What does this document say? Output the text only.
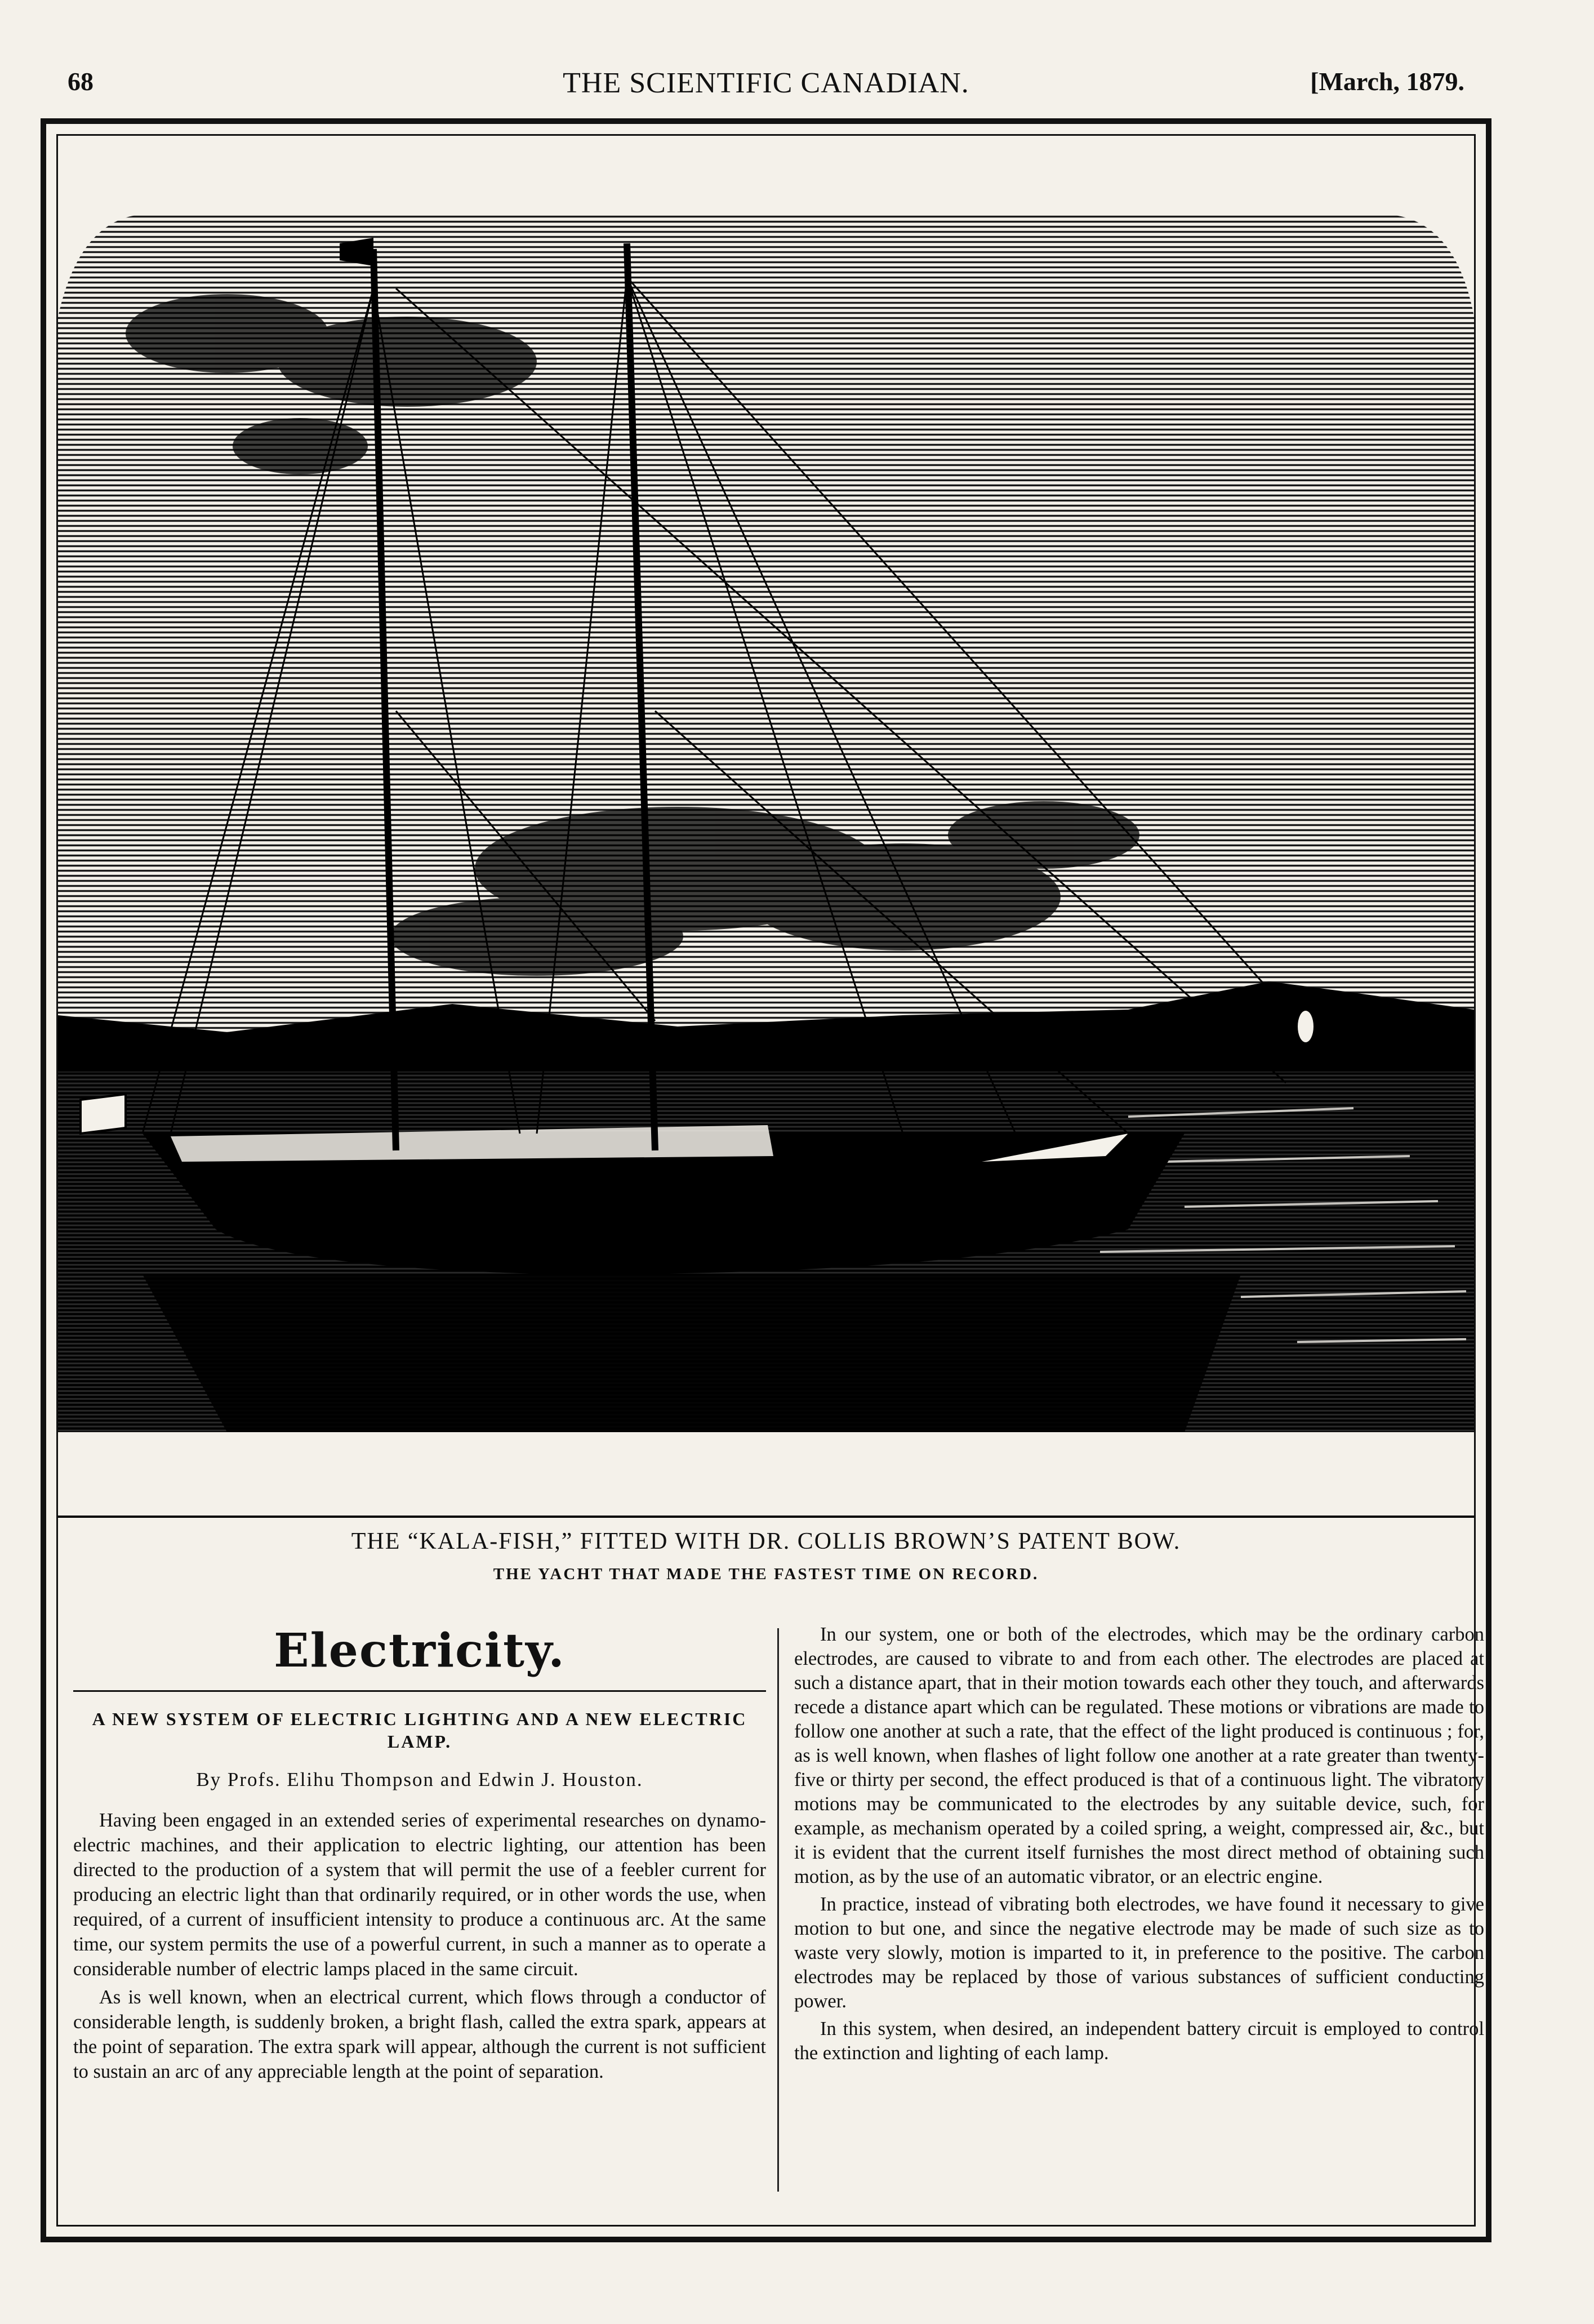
68	THE SCIENTIFIC CANADIAN.	[March, 1879.
THE “KALA-FISH,” FITTED WITH DR. COLLIS BROWN’S PATENT BOW.
THE YACHT THAT MADE THE FASTEST TIME ON RECORD.
Electricity.
A NEW SYSTEM OF ELECTRIC LIGHTING AND A NEW ELECTRIC LAMP.
By Profs. Elihu Thompson and Edwin J. Houston.

Having been engaged in an extended series of experimental researches on dynamo-electric machines, and their application to electric lighting, our attention has been directed to the production of a system that will permit the use of a feebler current for producing an electric light than that ordinarily required, or in other words the use, when required, of a current of insufficient intensity to produce a continuous arc. At the same time, our system permits the use of a powerful current, in such a manner as to operate a considerable number of electric lamps placed in the same circuit.

As is well known, when an electrical current, which flows through a conductor of considerable length, is suddenly broken, a bright flash, called the extra spark, appears at the point of separation. The extra spark will appear, although the current is not sufficient to sustain an arc of any appreciable length at the point of separation.

In our system, one or both of the electrodes, which may be the ordinary carbon electrodes, are caused to vibrate to and from each other. The electrodes are placed at such a distance apart, that in their motion towards each other they touch, and afterwards recede a distance apart which can be regulated. These motions or vibrations are made to follow one another at such a rate, that the effect of the light produced is continuous ; for, as is well known, when flashes of light follow one another at a rate greater than twenty-five or thirty per second, the effect produced is that of a continuous light. The vibratory motions may be communicated to the electrodes by any suitable device, such, for example, as mechanism operated by a coiled spring, a weight, compressed air, &c., but it is evident that the current itself furnishes the most direct method of obtaining such motion, as by the use of an automatic vibrator, or an electric engine.

In practice, instead of vibrating both electrodes, we have found it necessary to give motion to but one, and since the negative electrode may be made of such size as to waste very slowly, motion is imparted to it, in preference to the positive. The carbon electrodes may be replaced by those of various substances of sufficient conducting power.

In this system, when desired, an independent battery circuit is employed to control the extinction and lighting of each lamp.
